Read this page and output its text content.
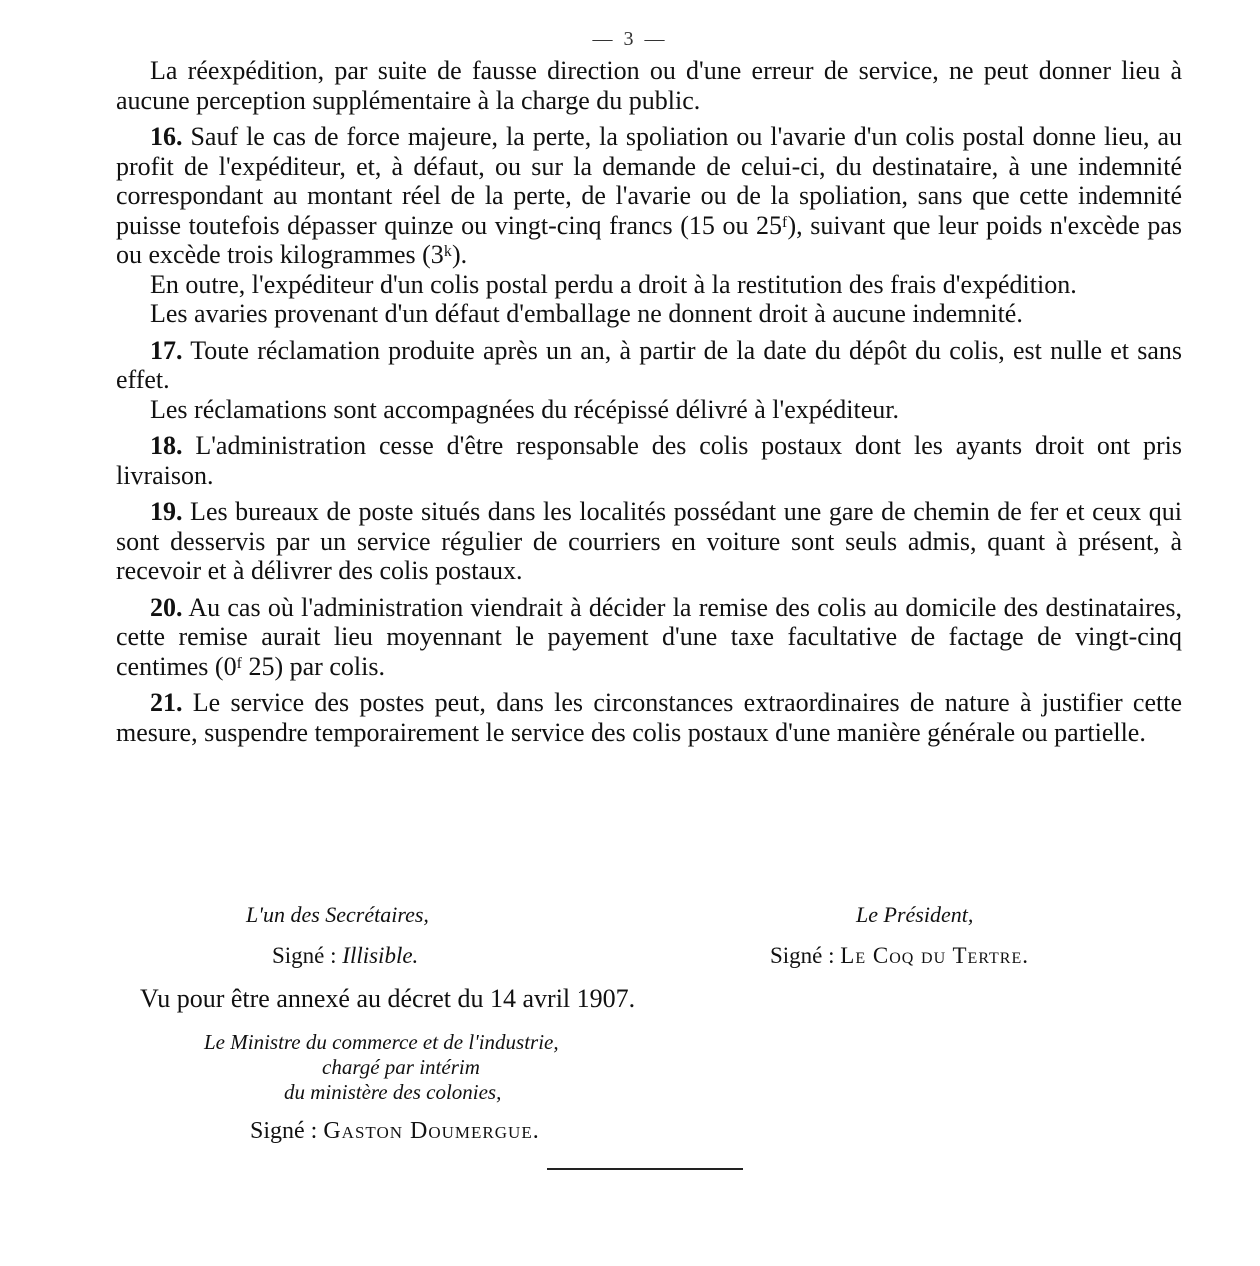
— 3 —

La réexpédition, par suite de fausse direction ou d'une erreur de service, ne peut donner lieu à aucune perception supplémentaire à la charge du public.

16. Sauf le cas de force majeure, la perte, la spoliation ou l'avarie d'un colis postal donne lieu, au profit de l'expéditeur, et, à défaut, ou sur la demande de celui-ci, du destinataire, à une indemnité correspondant au montant réel de la perte, de l'avarie ou de la spoliation, sans que cette indemnité puisse toutefois dépasser quinze ou vingt-cinq francs (15 ou 25ᶠ), suivant que leur poids n'excède pas ou excède trois kilogrammes (3ᵏ).

En outre, l'expéditeur d'un colis postal perdu a droit à la restitution des frais d'expédition.

Les avaries provenant d'un défaut d'emballage ne donnent droit à aucune indemnité.

17. Toute réclamation produite après un an, à partir de la date du dépôt du colis, est nulle et sans effet.

Les réclamations sont accompagnées du récépissé délivré à l'expéditeur.

18. L'administration cesse d'être responsable des colis postaux dont les ayants droit ont pris livraison.

19. Les bureaux de poste situés dans les localités possédant une gare de chemin de fer et ceux qui sont desservis par un service régulier de courriers en voiture sont seuls admis, quant à présent, à recevoir et à délivrer des colis postaux.

20. Au cas où l'administration viendrait à décider la remise des colis au domicile des destinataires, cette remise aurait lieu moyennant le payement d'une taxe facultative de factage de vingt-cinq centimes (0ᶠ 25) par colis.

21. Le service des postes peut, dans les circonstances extraordinaires de nature à justifier cette mesure, suspendre temporairement le service des colis postaux d'une manière générale ou partielle.

L'un des Secrétaires,	Le Président,
Signé : Illisible.	Signé : Le Coq du Tertre.
Vu pour être annexé au décret du 14 avril 1907.
Le Ministre du commerce et de l'industrie,
chargé par intérim
du ministère des colonies,
Signé : Gaston Doumergue.
